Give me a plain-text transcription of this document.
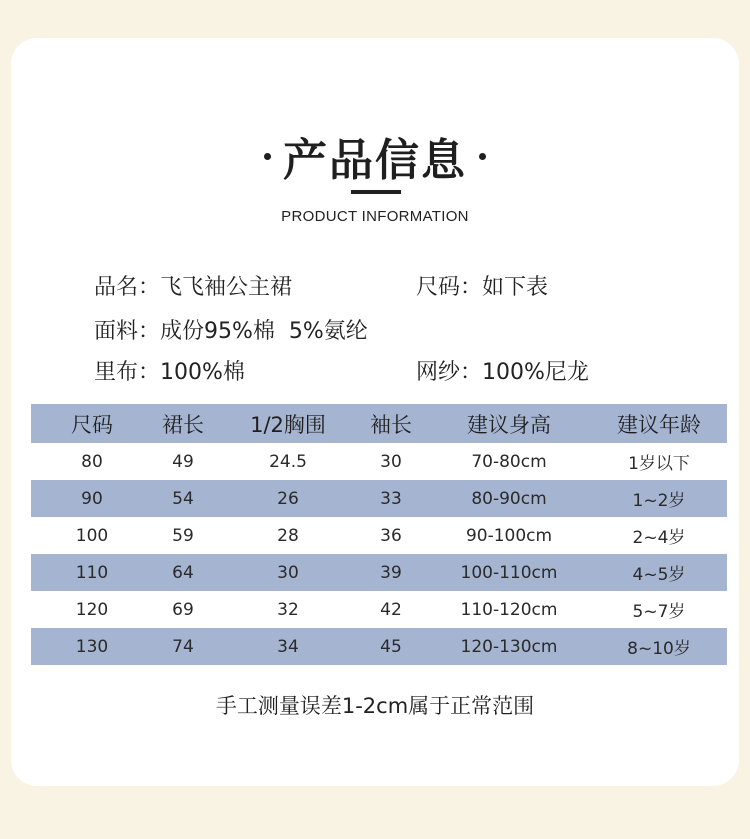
产品信息
PRODUCT INFORMATION
品名：飞飞袖公主裙	尺码：如下表
面料：成份95%棉  5%氨纶
里布：100%棉	网纱：100%尼龙
尺码	裙长	1/2胸围	袖长	建议身高	建议年龄
80	49	24.5	30	70-80cm	1岁以下
90	54	26	33	80-90cm	1~2岁
100	59	28	36	90-100cm	2~4岁
110	64	30	39	100-110cm	4~5岁
120	69	32	42	110-120cm	5~7岁
130	74	34	45	120-130cm	8~10岁
手工测量误差1-2cm属于正常范围
